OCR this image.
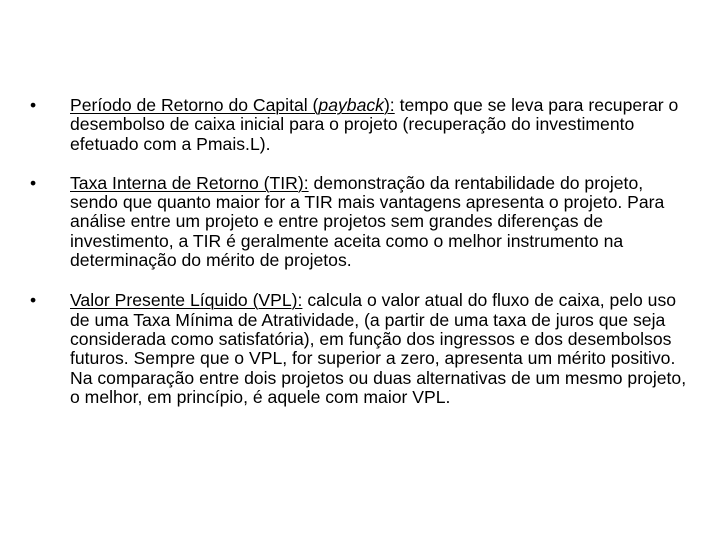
•	Período de Retorno do Capital (payback): tempo que se leva para recuperar o desembolso de caixa inicial para o projeto (recuperação do investimento efetuado com a Pmais.L).
•	Taxa Interna de Retorno (TIR): demonstração da rentabilidade do projeto, sendo que quanto maior for a TIR mais vantagens apresenta o projeto. Para análise entre um projeto e entre projetos sem grandes diferenças de investimento, a TIR é geralmente aceita como o melhor instrumento na determinação do mérito de projetos.
•	Valor Presente Líquido (VPL): calcula o valor atual do fluxo de caixa, pelo uso de uma Taxa Mínima de Atratividade, (a partir de uma taxa de juros que seja considerada como satisfatória), em função dos ingressos e dos desembolsos futuros. Sempre que o VPL, for superior a zero, apresenta um mérito positivo. Na comparação entre dois projetos ou duas alternativas de um mesmo projeto, o melhor, em princípio, é aquele com maior VPL.
